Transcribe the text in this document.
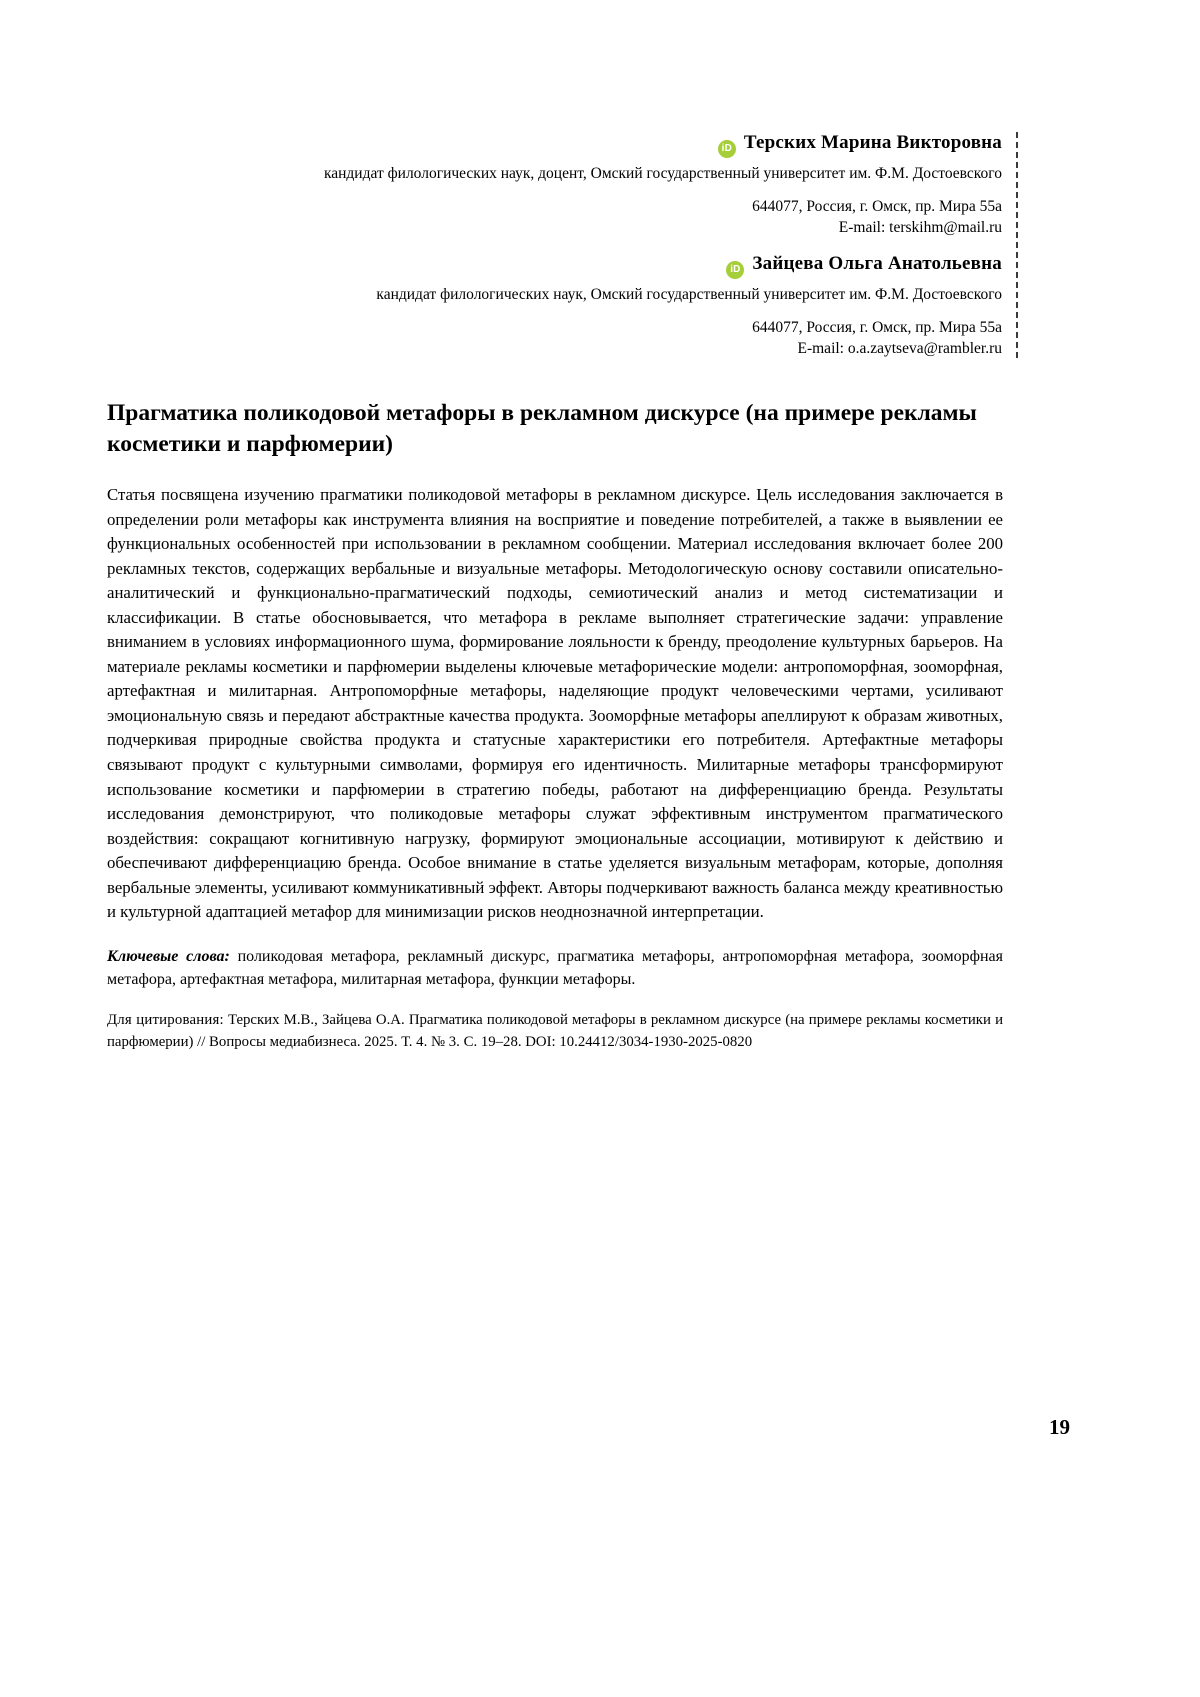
iD Терских Марина Викторовна
кандидат филологических наук, доцент, Омский государственный университет им. Ф.М. Достоевского
644077, Россия, г. Омск, пр. Мира 55а
E-mail: terskihm@mail.ru
iD Зайцева Ольга Анатольевна
кандидат филологических наук, Омский государственный университет им. Ф.М. Достоевского
644077, Россия, г. Омск, пр. Мира 55а
E-mail: o.a.zaytseva@rambler.ru
Прагматика поликодовой метафоры в рекламном дискурсе (на примере рекламы косметики и парфюмерии)

Статья посвящена изучению прагматики поликодовой метафоры в рекламном дискурсе. Цель исследования заключается в определении роли метафоры как инструмента влияния на восприятие и поведение потребителей, а также в выявлении ее функциональных особенностей при использовании в рекламном сообщении. Материал исследования включает более 200 рекламных текстов, содержащих вербальные и визуальные метафоры. Методологическую основу составили описательно-аналитический и функционально-прагматический подходы, семиотический анализ и метод систематизации и классификации. В статье обосновывается, что метафора в рекламе выполняет стратегические задачи: управление вниманием в условиях информационного шума, формирование лояльности к бренду, преодоление культурных барьеров. На материале рекламы косметики и парфюмерии выделены ключевые метафорические модели: антропоморфная, зооморфная, артефактная и милитарная. Антропоморфные метафоры, наделяющие продукт человеческими чертами, усиливают эмоциональную связь и передают абстрактные качества продукта. Зооморфные метафоры апеллируют к образам животных, подчеркивая природные свойства продукта и статусные характеристики его потребителя. Артефактные метафоры связывают продукт с культурными символами, формируя его идентичность. Милитарные метафоры трансформируют использование косметики и парфюмерии в стратегию победы, работают на дифференциацию бренда. Результаты исследования демонстрируют, что поликодовые метафоры служат эффективным инструментом прагматического воздействия: сокращают когнитивную нагрузку, формируют эмоциональные ассоциации, мотивируют к действию и обеспечивают дифференциацию бренда. Особое внимание в статье уделяется визуальным метафорам, которые, дополняя вербальные элементы, усиливают коммуникативный эффект. Авторы подчеркивают важность баланса между креативностью и культурной адаптацией метафор для минимизации рисков неоднозначной интерпретации.

Ключевые слова: поликодовая метафора, рекламный дискурс, прагматика метафоры, антропоморфная метафора, зооморфная метафора, артефактная метафора, милитарная метафора, функции метафоры.

Для цитирования: Терских М.В., Зайцева О.А. Прагматика поликодовой метафоры в рекламном дискурсе (на примере рекламы косметики и парфюмерии) // Вопросы медиабизнеса. 2025. Т. 4. № 3. С. 19–28. DOI: 10.24412/3034-1930-2025-0820

19
